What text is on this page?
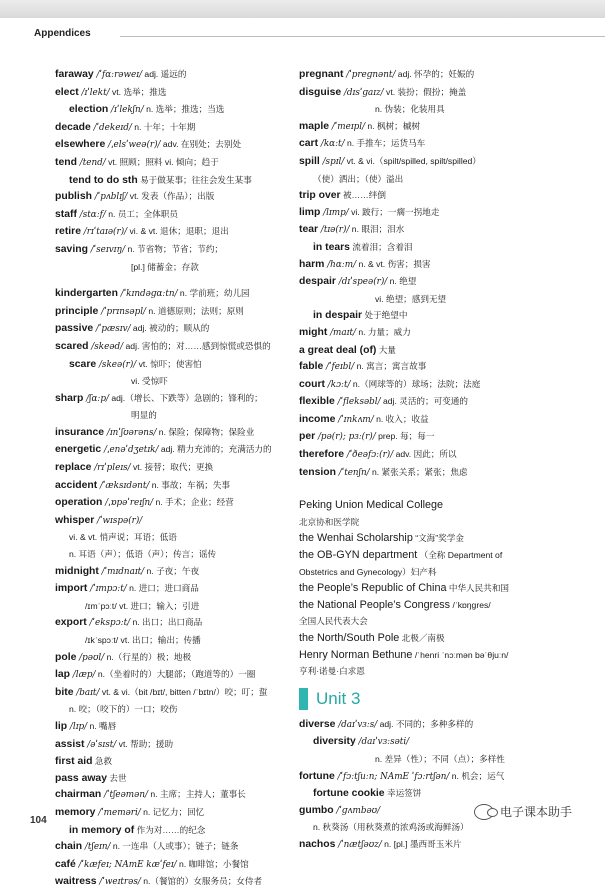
Appendices
faraway /ˈfɑːrəweɪ/ adj. 遥远的
elect /ɪˈlekt/ vt. 选举；推选
election /ɪˈlekʃn/ n. 选举；推选；当选
decade /ˈdekeɪd/ n. 十年；十年期
elsewhere /ˌelsˈweə(r)/ adv. 在别处；去别处
tend /tend/ vt. 照顾；照料 vi. 倾向；趋于
tend to do sth 易于做某事；往往会发生某事
publish /ˈpʌblɪʃ/ vt. 发表（作品）；出版
staff /stɑːf/ n. 员工；全体职员
retire /rɪˈtaɪə(r)/ vi. & vt. 退休；退职；退出
saving /ˈseɪvɪŋ/ n. 节省物；节省；节约；
[pl.] 储蓄金；存款
kindergarten /ˈkɪndəɡɑːtn/ n. 学前班；幼儿园
principle /ˈprɪnsəpl/ n. 道德原则；法则；原则
passive /ˈpæsɪv/ adj. 被动的；顺从的
scared /skeəd/ adj. 害怕的；对……感到惊慌或恐惧的
scare /skeə(r)/ vt. 惊吓；使害怕
vi. 受惊吓
sharp /ʃɑːp/ adj.（增长、下跌等）急剧的；锋利的；
明显的
insurance /ɪnˈʃʊərəns/ n. 保险；保障物；保险业
energetic /ˌenəˈdʒetɪk/ adj. 精力充沛的；充满活力的
replace /rɪˈpleɪs/ vt. 接替；取代；更换
accident /ˈæksɪdənt/ n. 事故；车祸；失事
operation /ˌɒpəˈreɪʃn/ n. 手术；企业；经营
whisper /ˈwɪspə(r)/
vi. & vt. 悄声说；耳语；低语
n. 耳语（声）；低语（声）；传言；谣传
midnight /ˈmɪdnaɪt/ n. 子夜；午夜
import /ˈɪmpɔːt/ n. 进口；进口商品
/ɪmˈpɔːt/ vt. 进口；输入；引进
export /ˈekspɔːt/ n. 出口；出口商品
/ɪkˈspɔːt/ vt. 出口；输出；传播
pole /pəʊl/ n.（行星的）极；地极
lap /læp/ n.（坐着时的）大腿部；（跑道等的）一圈
bite /baɪt/ vt. & vi.（bit /bɪt/, bitten /ˈbɪtn/）咬；叮；蜇
n. 咬；（咬下的）一口；咬伤
lip /lɪp/ n. 嘴唇
assist /əˈsɪst/ vt. 帮助；援助
first aid 急救
pass away 去世
chairman /ˈtʃeəmən/ n. 主席；主持人；董事长
memory /ˈmeməri/ n. 记忆力；回忆
in memory of 作为对……的纪念
chain /tʃeɪn/ n. 一连串（人或事）；链子；链条
café /ˈkæfeɪ; NAmE kæˈfeɪ/ n. 咖啡馆；小餐馆
waitress /ˈweɪtrəs/ n.（餐馆的）女服务员；女侍者
pregnant /ˈpreɡnənt/ adj. 怀孕的；妊娠的
disguise /dɪsˈɡaɪz/ vt. 装扮；假扮；掩盖
n. 伪装；化装用具
maple /ˈmeɪpl/ n. 枫树；槭树
cart /kɑːt/ n. 手推车；运货马车
spill /spɪl/ vt. & vi.（spilt/spilled, spilt/spilled）
（使）洒出；（使）溢出
trip over 被……绊倒
limp /lɪmp/ vi. 跛行；一瘸一拐地走
tear /tɪə(r)/ n. 眼泪；泪水
in tears 流着泪；含着泪
harm /hɑːm/ n. & vt. 伤害；损害
despair /dɪˈspeə(r)/ n. 绝望
vi. 绝望；感到无望
in despair 处于绝望中
might /maɪt/ n. 力量；威力
a great deal (of) 大量
fable /ˈfeɪbl/ n. 寓言；寓言故事
court /kɔːt/ n.（网球等的）球场；法院；法庭
flexible /ˈfleksəbl/ adj. 灵活的；可变通的
income /ˈɪnkʌm/ n. 收入；收益
per /pə(r); pɜː(r)/ prep. 每；每一
therefore /ˈðeəfɔː(r)/ adv. 因此；所以
tension /ˈtenʃn/ n. 紧张关系；紧张；焦虑
Peking Union Medical College
北京协和医学院
the Wenhai Scholarship “文海”奖学金
the OB-GYN department （全称 Department of
Obstetrics and Gynecology）妇产科
the People’s Republic of China 中华人民共和国
the National People’s Congress /ˈkɒŋɡres/
全国人民代表大会
the North/South Pole 北极／南极
Henry Norman Bethune /ˈhenri ˈnɔːmən bəˈθjuːn/
亨利·诺曼·白求恩
Unit 3
diverse /daɪˈvɜːs/ adj. 不同的；多种多样的
diversity /daɪˈvɜːsəti/
n. 差异（性）；不同（点）；多样性
fortune /ˈfɔːtʃuːn; NAmE ˈfɔːrtʃən/ n. 机会；运气
fortune cookie 幸运签饼
gumbo /ˈɡʌmbəʊ/
n. 秋葵汤（用秋葵煮的浓鸡汤或海鲜汤）
nachos /ˈnætʃəʊz/ n. [pl.] 墨西哥玉米片
104
电子课本助手
